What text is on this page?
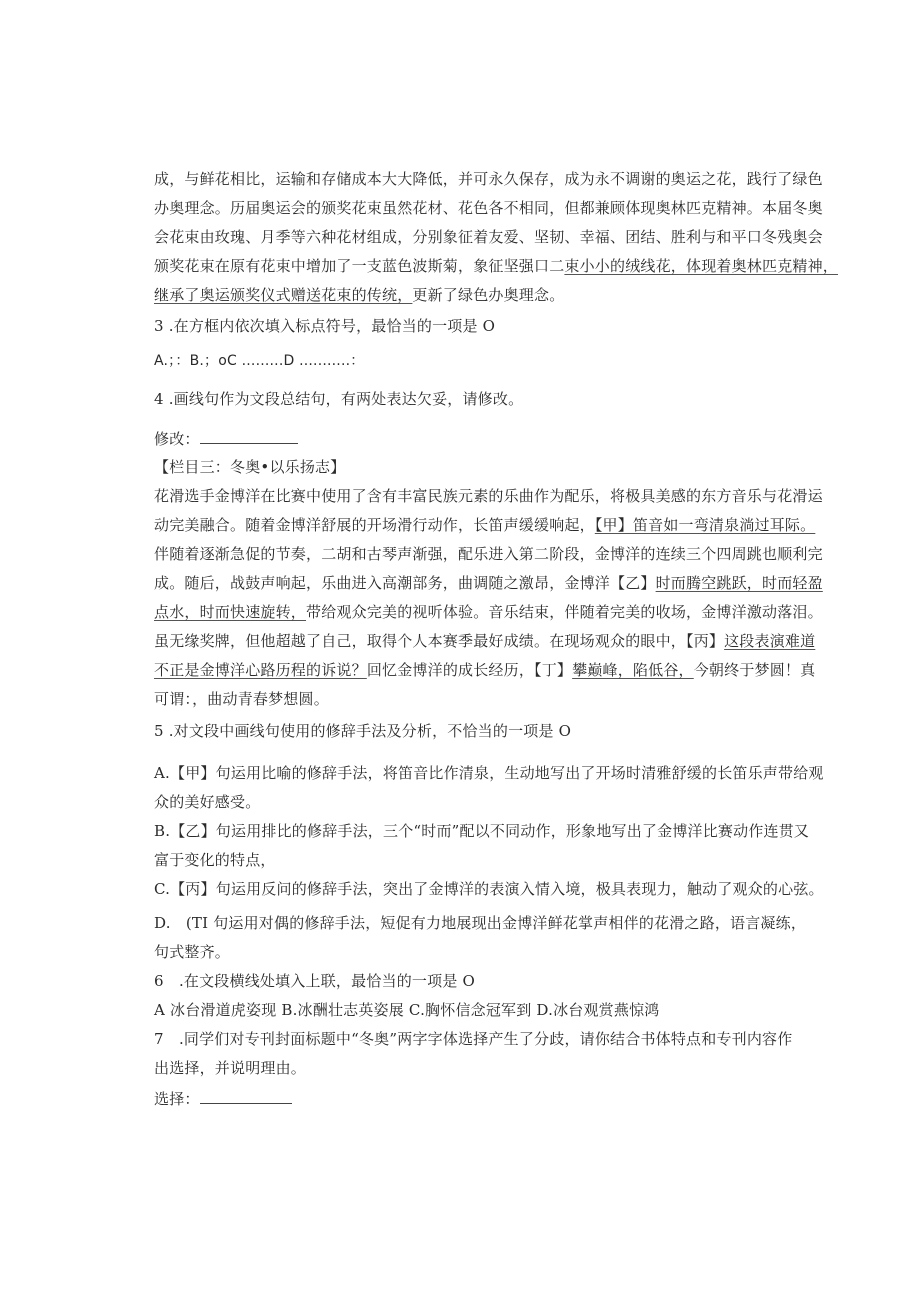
成，与鲜花相比，运输和存储成本大大降低，并可永久保存，成为永不调谢的奥运之花，践行了绿色
办奥理念。历届奥运会的颁奖花束虽然花材、花色各不相同，但都兼顾体现奥林匹克精神。本届冬奥
会花束由玫瑰、月季等六种花材组成，分别象征着友爱、坚韧、幸福、团结、胜利与和平口冬残奥会
颁奖花束在原有花束中增加了一支蓝色波斯菊，象征坚强口二束小小的绒线花，体现着奥林匹克精神，
继承了奥运颁奖仪式赠送花束的传统，更新了绿色办奥理念。
3 .在方框内依次填入标点符号，最恰当的一项是 O
A.；：B.；oC .........D ...........：
4 .画线句作为文段总结句，有两处表达欠妥，请修改。
修改：
【栏目三：冬奥•以乐扬志】
花滑选手金博洋在比赛中使用了含有丰富民族元素的乐曲作为配乐，将极具美感的东方音乐与花滑运
动完美融合。随着金博洋舒展的开场滑行动作，长笛声缓缓响起，【甲】笛音如一弯清泉淌过耳际。
伴随着逐渐急促的节奏，二胡和古琴声渐强，配乐进入第二阶段，金博洋的连续三个四周跳也顺利完
成。随后，战鼓声响起，乐曲进入高潮部务，曲调随之激昂，金博洋【乙】时而腾空跳跃，时而轻盈
点水，时而快速旋转，带给观众完美的视听体验。音乐结束，伴随着完美的收场，金博洋激动落泪。
虽无缘奖牌，但他超越了自己，取得个人本赛季最好成绩。在现场观众的眼中，【丙】这段表演难道
不正是金博洋心路历程的诉说？回忆金博洋的成长经历，【丁】攀巅峰，陷低谷，今朝终于梦圆！真
可谓：，曲动青春梦想圆。
5 .对文段中画线句使用的修辞手法及分析，不恰当的一项是 O
A.【甲】句运用比喻的修辞手法，将笛音比作清泉，生动地写出了开场时清雅舒缓的长笛乐声带给观
众的美好感受。
B.【乙】句运用排比的修辞手法，三个“时而”配以不同动作，形象地写出了金博洋比赛动作连贯又
富于变化的特点，
C.【丙】句运用反问的修辞手法，突出了金博洋的表演入情入境，极具表现力，触动了观众的心弦。
D.　(TI 句运用对偶的修辞手法，短促有力地展现出金博洋鲜花掌声相伴的花滑之路，语言凝练，
句式整齐。
6　.在文段横线处填入上联，最恰当的一项是 O
A 冰台滑道虎姿现 B.冰酬壮志英姿展 C.胸怀信念冠军到 D.冰台观赏燕惊鸿
7　.同学们对专刊封面标题中“冬奥”两字字体选择产生了分歧，请你结合书体特点和专刊内容作
出选择，并说明理由。
选择：
